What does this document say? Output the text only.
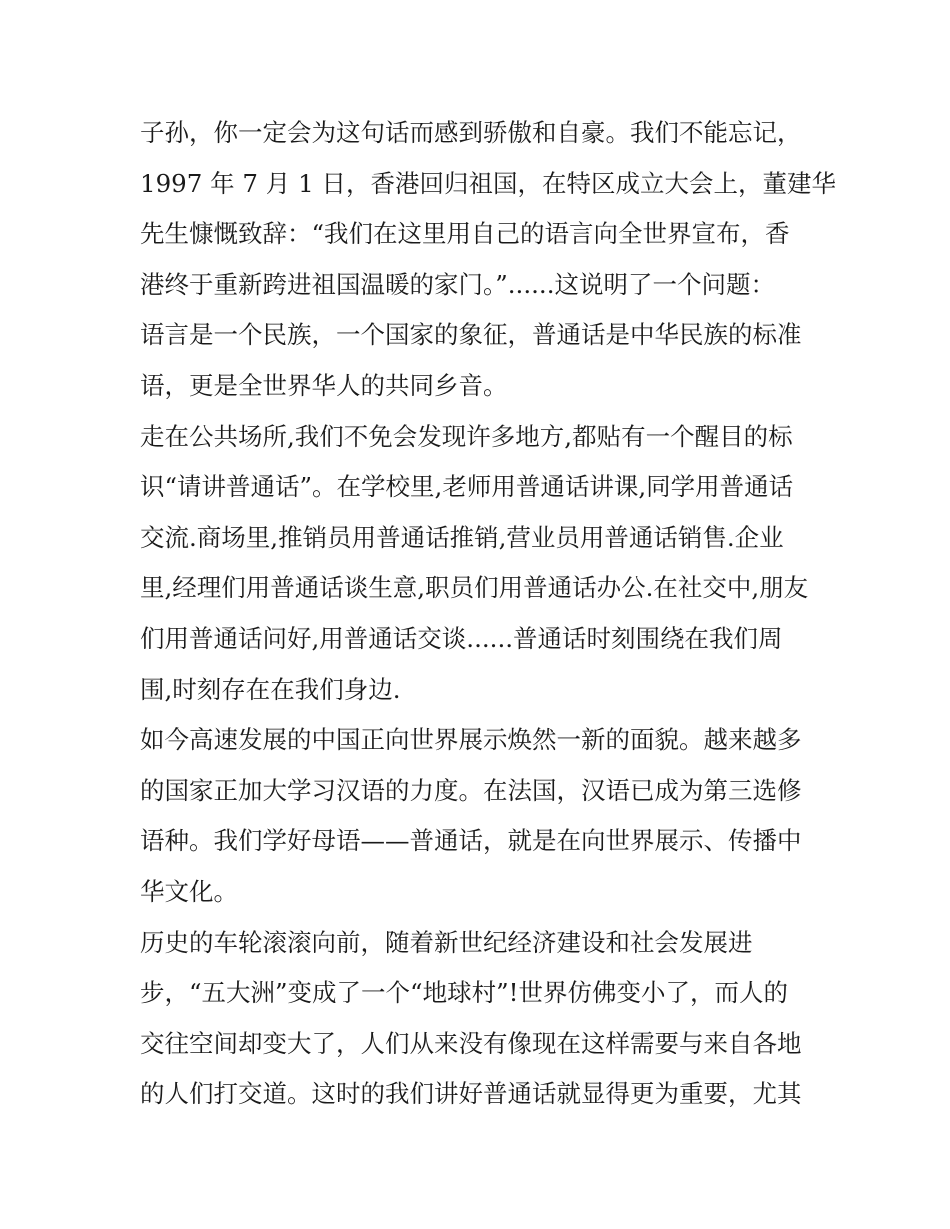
子孙，你一定会为这句话而感到骄傲和自豪。我们不能忘记，
1997 年 7 月 1 日，香港回归祖国，在特区成立大会上，董建华
先生慷慨致辞：“我们在这里用自己的语言向全世界宣布，香
港终于重新跨进祖国温暖的家门。”......这说明了一个问题：
语言是一个民族，一个国家的象征，普通话是中华民族的标准
语，更是全世界华人的共同乡音。
走在公共场所,我们不免会发现许多地方,都贴有一个醒目的标
识“请讲普通话”。在学校里,老师用普通话讲课,同学用普通话
交流.商场里,推销员用普通话推销,营业员用普通话销售.企业
里,经理们用普通话谈生意,职员们用普通话办公.在社交中,朋友
们用普通话问好,用普通话交谈......普通话时刻围绕在我们周
围,时刻存在在我们身边.
如今高速发展的中国正向世界展示焕然一新的面貌。越来越多
的国家正加大学习汉语的力度。在法国，汉语已成为第三选修
语种。我们学好母语——普通话，就是在向世界展示、传播中
华文化。
历史的车轮滚滚向前，随着新世纪经济建设和社会发展进
步，“五大洲”变成了一个“地球村”!世界仿佛变小了，而人的
交往空间却变大了，人们从来没有像现在这样需要与来自各地
的人们打交道。这时的我们讲好普通话就显得更为重要，尤其
